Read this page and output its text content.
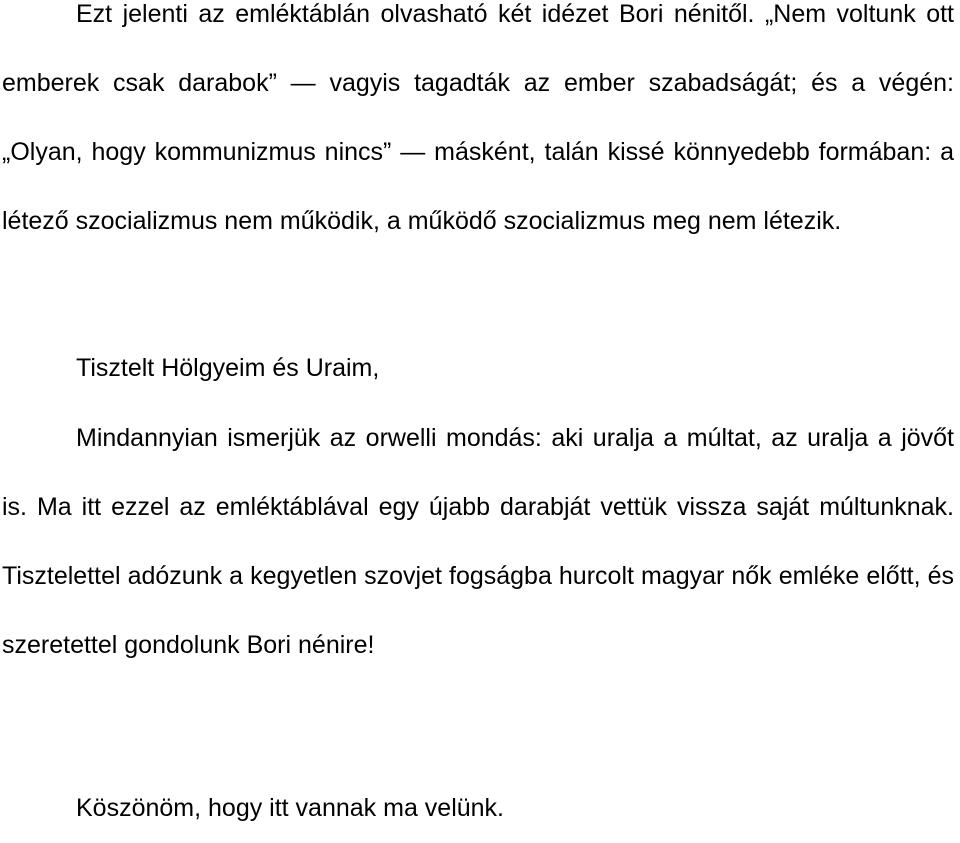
Ezt jelenti az emléktáblán olvasható két idézet Bori nénitől. „Nem voltunk ott emberek csak darabok” — vagyis tagadták az ember szabadságát; és a végén: „Olyan, hogy kommunizmus nincs” — másként, talán kissé könnyedebb formában: a létező szocializmus nem működik, a működő szocializmus meg nem létezik.

Tisztelt Hölgyeim és Uraim,

Mindannyian ismerjük az orwelli mondás: aki uralja a múltat, az uralja a jövőt is. Ma itt ezzel az emléktáblával egy újabb darabját vettük vissza saját múltunknak. Tisztelettel adózunk a kegyetlen szovjet fogságba hurcolt magyar nők emléke előtt, és szeretettel gondolunk Bori nénire!

Köszönöm, hogy itt vannak ma velünk.
